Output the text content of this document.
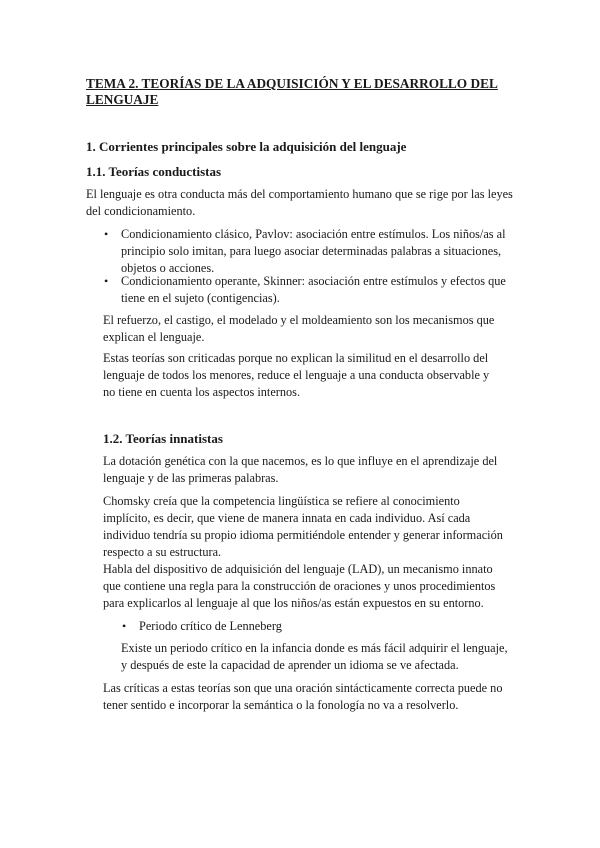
TEMA 2. TEORÍAS DE LA ADQUISICIÓN Y EL DESARROLLO DEL LENGUAJE
1. Corrientes principales sobre la adquisición del lenguaje
1.1. Teorías conductistas

El lenguaje es otra conducta más del comportamiento humano que se rige por las leyes del condicionamiento.

• Condicionamiento clásico, Pavlov: asociación entre estímulos. Los niños/as al principio solo imitan, para luego asociar determinadas palabras a situaciones, objetos o acciones.
• Condicionamiento operante, Skinner: asociación entre estímulos y efectos que tiene en el sujeto (contigencias).

El refuerzo, el castigo, el modelado y el moldeamiento son los mecanismos que explican el lenguaje.

Estas teorías son criticadas porque no explican la similitud en el desarrollo del lenguaje de todos los menores, reduce el lenguaje a una conducta observable y no tiene en cuenta los aspectos internos.

1.2. Teorías innatistas

La dotación genética con la que nacemos, es lo que influye en el aprendizaje del lenguaje y de las primeras palabras.

Chomsky creía que la competencia lingüística se refiere al conocimiento implícito, es decir, que viene de manera innata en cada individuo. Así cada individuo tendría su propio idioma permitiéndole entender y generar información respecto a su estructura.

Habla del dispositivo de adquisición del lenguaje (LAD), un mecanismo innato que contiene una regla para la construcción de oraciones y unos procedimientos para explicarlos al lenguaje al que los niños/as están expuestos en su entorno.

• Periodo crítico de Lenneberg

Existe un periodo crítico en la infancia donde es más fácil adquirir el lenguaje, y después de este la capacidad de aprender un idioma se ve afectada.

Las críticas a estas teorías son que una oración sintácticamente correcta puede no tener sentido e incorporar la semántica o la fonología no va a resolverlo.
